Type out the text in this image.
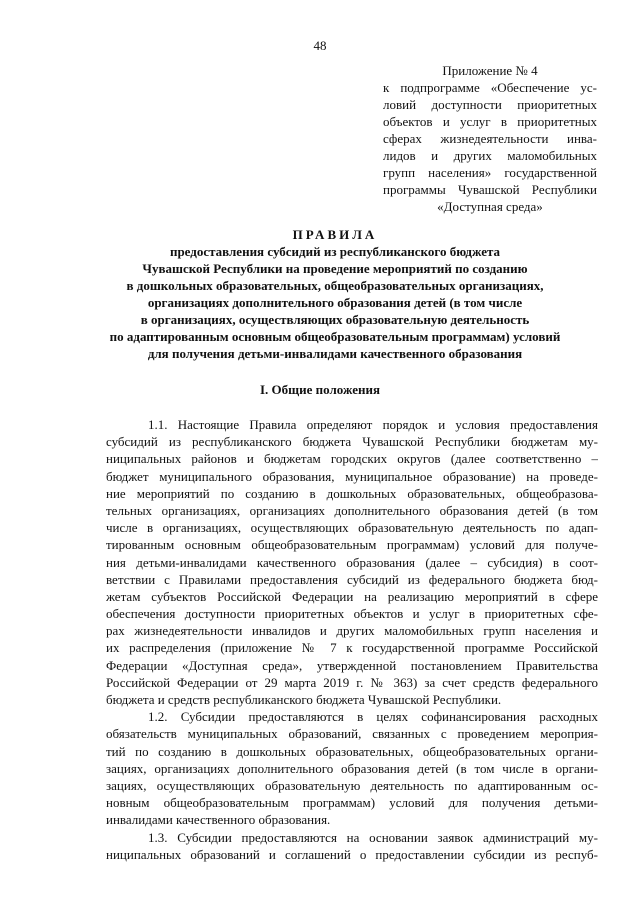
48
Приложение № 4
к подпрограмме «Обеспечение ус-
ловий доступности приоритетных
объектов и услуг в приоритетных
сферах жизнедеятельности инва-
лидов и других маломобильных
групп населения» государственной
программы Чувашской Республики
«Доступная среда»
ПРАВИЛА
предоставления субсидий из республиканского бюджета
Чувашской Республики на проведение мероприятий по созданию
в дошкольных образовательных, общеобразовательных организациях,
организациях дополнительного образования детей (в том числе
в организациях, осуществляющих образовательную деятельность
по адаптированным основным общеобразовательным программам) условий
для получения детьми-инвалидами качественного образования
I. Общие положения
1.1. Настоящие Правила определяют порядок и условия предоставления
субсидий из республиканского бюджета Чувашской Республики бюджетам му-
ниципальных районов и бюджетам городских округов (далее соответственно –
бюджет муниципального образования, муниципальное образование) на проведе-
ние мероприятий по созданию в дошкольных образовательных, общеобразова-
тельных организациях, организациях дополнительного образования детей (в том
числе в организациях, осуществляющих образовательную деятельность по адап-
тированным основным общеобразовательным программам) условий для получе-
ния детьми-инвалидами качественного образования (далее – субсидия) в соот-
ветствии с Правилами предоставления субсидий из федерального бюджета бюд-
жетам субъектов Российской Федерации на реализацию мероприятий в сфере
обеспечения доступности приоритетных объектов и услуг в приоритетных сфе-
рах жизнедеятельности инвалидов и других маломобильных групп населения и
их распределения (приложение № 7 к государственной программе Российской
Федерации «Доступная среда», утвержденной постановлением Правительства
Российской Федерации от 29 марта 2019 г. № 363) за счет средств федерального
бюджета и средств республиканского бюджета Чувашской Республики.
1.2. Субсидии предоставляются в целях софинансирования расходных
обязательств муниципальных образований, связанных с проведением мероприя-
тий по созданию в дошкольных образовательных, общеобразовательных органи-
зациях, организациях дополнительного образования детей (в том числе в органи-
зациях, осуществляющих образовательную деятельность по адаптированным ос-
новным общеобразовательным программам) условий для получения детьми-
инвалидами качественного образования.
1.3. Субсидии предоставляются на основании заявок администраций му-
ниципальных образований и соглашений о предоставлении субсидии из респуб-
